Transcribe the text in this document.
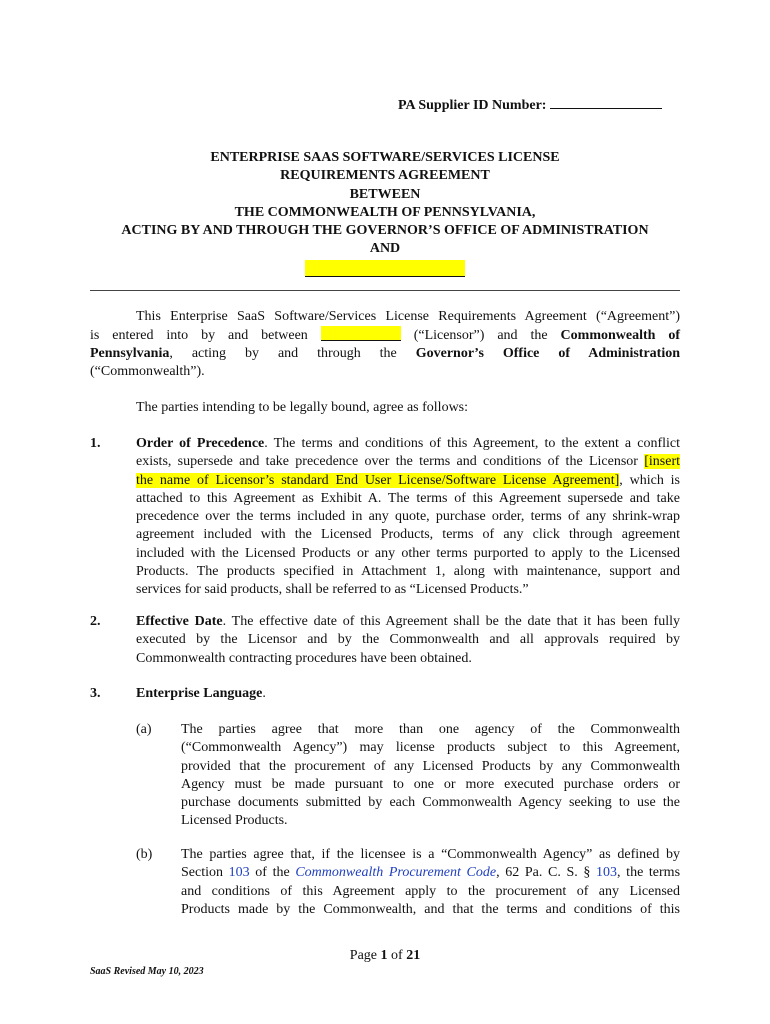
PA Supplier ID Number:
ENTERPRISE SAAS SOFTWARE/SERVICES LICENSE
REQUIREMENTS AGREEMENT
BETWEEN
THE COMMONWEALTH OF PENNSYLVANIA,
ACTING BY AND THROUGH THE GOVERNOR’S OFFICE OF ADMINISTRATION
AND
This Enterprise SaaS Software/Services License Requirements Agreement (“Agreement”)
is entered into by and between	(“Licensor”) and the Commonwealth of
Pennsylvania, acting by and through the Governor’s Office of Administration
(“Commonwealth”).
The parties intending to be legally bound, agree as follows:
1.	Order of Precedence. The terms and conditions of this Agreement, to the extent a conflict
exists, supersede and take precedence over the terms and conditions of the Licensor [insert
the name of Licensor’s standard End User License/Software License Agreement], which is
attached to this Agreement as Exhibit A. The terms of this Agreement supersede and take
precedence over the terms included in any quote, purchase order, terms of any shrink-wrap
agreement included with the Licensed Products, terms of any click through agreement
included with the Licensed Products or any other terms purported to apply to the Licensed
Products. The products specified in Attachment 1, along with maintenance, support and
services for said products, shall be referred to as “Licensed Products.”
2.	Effective Date. The effective date of this Agreement shall be the date that it has been fully
executed by the Licensor and by the Commonwealth and all approvals required by
Commonwealth contracting procedures have been obtained.
3.	Enterprise Language.
(a) The parties agree that more than one agency of the Commonwealth
(“Commonwealth Agency”) may license products subject to this Agreement,
provided that the procurement of any Licensed Products by any Commonwealth
Agency must be made pursuant to one or more executed purchase orders or
purchase documents submitted by each Commonwealth Agency seeking to use the
Licensed Products.
(b) The parties agree that, if the licensee is a “Commonwealth Agency” as defined by
Section 103 of the Commonwealth Procurement Code, 62 Pa. C. S. § 103, the terms
and conditions of this Agreement apply to the procurement of any Licensed
Products made by the Commonwealth, and that the terms and conditions of this
Page 1 of 21
SaaS Revised May 10, 2023
